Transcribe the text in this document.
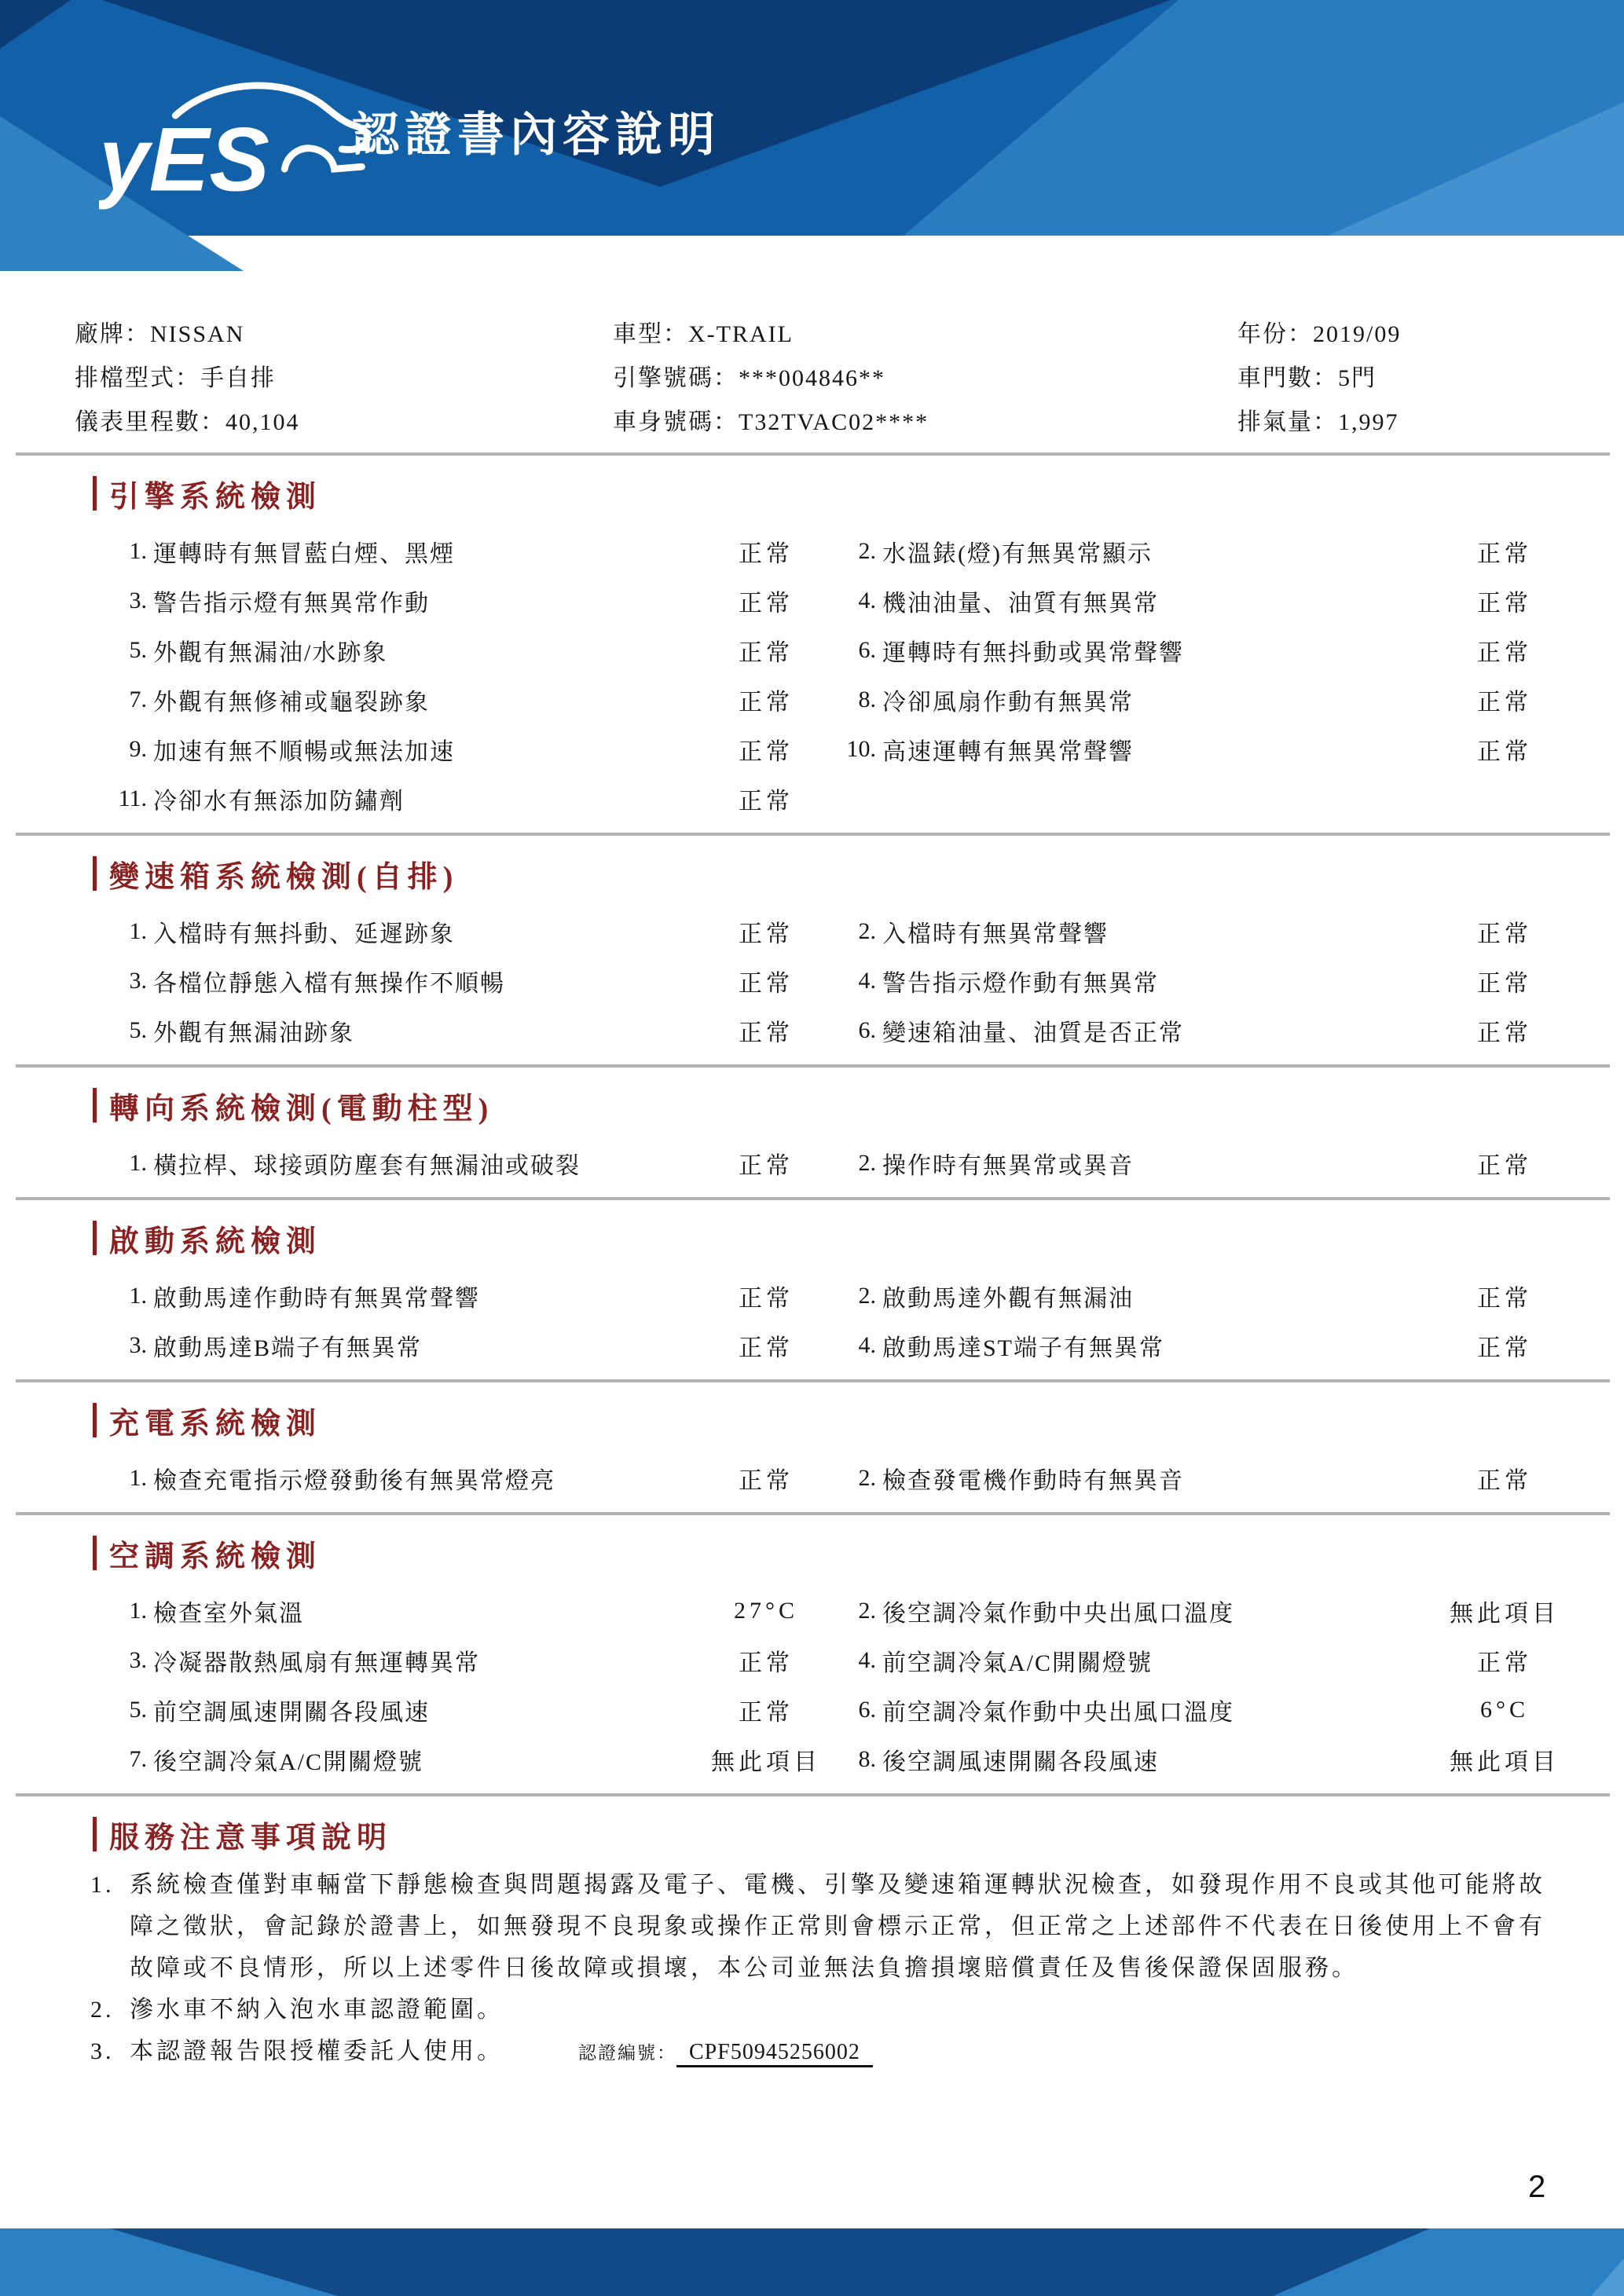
yES 認證書內容說明
廠牌：NISSAN	車型：X-TRAIL	年份：2019/09
排檔型式：手自排	引擎號碼：***004846**	車門數：5門
儀表里程數：40,104	車身號碼：T32TVAC02****	排氣量：1,997
引擎系統檢測
1. 運轉時有無冒藍白煙、黑煙	正常	2. 水溫錶(燈)有無異常顯示	正常
3. 警告指示燈有無異常作動	正常	4. 機油油量、油質有無異常	正常
5. 外觀有無漏油/水跡象	正常	6. 運轉時有無抖動或異常聲響	正常
7. 外觀有無修補或龜裂跡象	正常	8. 冷卻風扇作動有無異常	正常
9. 加速有無不順暢或無法加速	正常	10. 高速運轉有無異常聲響	正常
11. 冷卻水有無添加防鏽劑	正常
變速箱系統檢測(自排)
1. 入檔時有無抖動、延遲跡象	正常	2. 入檔時有無異常聲響	正常
3. 各檔位靜態入檔有無操作不順暢	正常	4. 警告指示燈作動有無異常	正常
5. 外觀有無漏油跡象	正常	6. 變速箱油量、油質是否正常	正常
轉向系統檢測(電動柱型)
1. 橫拉桿、球接頭防塵套有無漏油或破裂	正常	2. 操作時有無異常或異音	正常
啟動系統檢測
1. 啟動馬達作動時有無異常聲響	正常	2. 啟動馬達外觀有無漏油	正常
3. 啟動馬達B端子有無異常	正常	4. 啟動馬達ST端子有無異常	正常
充電系統檢測
1. 檢查充電指示燈發動後有無異常燈亮	正常	2. 檢查發電機作動時有無異音	正常
空調系統檢測
1. 檢查室外氣溫	27°C	2. 後空調冷氣作動中央出風口溫度	無此項目
3. 冷凝器散熱風扇有無運轉異常	正常	4. 前空調冷氣A/C開關燈號	正常
5. 前空調風速開關各段風速	正常	6. 前空調冷氣作動中央出風口溫度	6°C
7. 後空調冷氣A/C開關燈號	無此項目	8. 後空調風速開關各段風速	無此項目
服務注意事項說明
1. 系統檢查僅對車輛當下靜態檢查與問題揭露及電子、電機、引擎及變速箱運轉狀況檢查，如發現作用不良或其他可能將故障之徵狀，會記錄於證書上，如無發現不良現象或操作正常則會標示正常，但正常之上述部件不代表在日後使用上不會有故障或不良情形，所以上述零件日後故障或損壞，本公司並無法負擔損壞賠償責任及售後保證保固服務。
2. 滲水車不納入泡水車認證範圍。
3. 本認證報告限授權委託人使用。	認證編號： CPF50945256002
2
